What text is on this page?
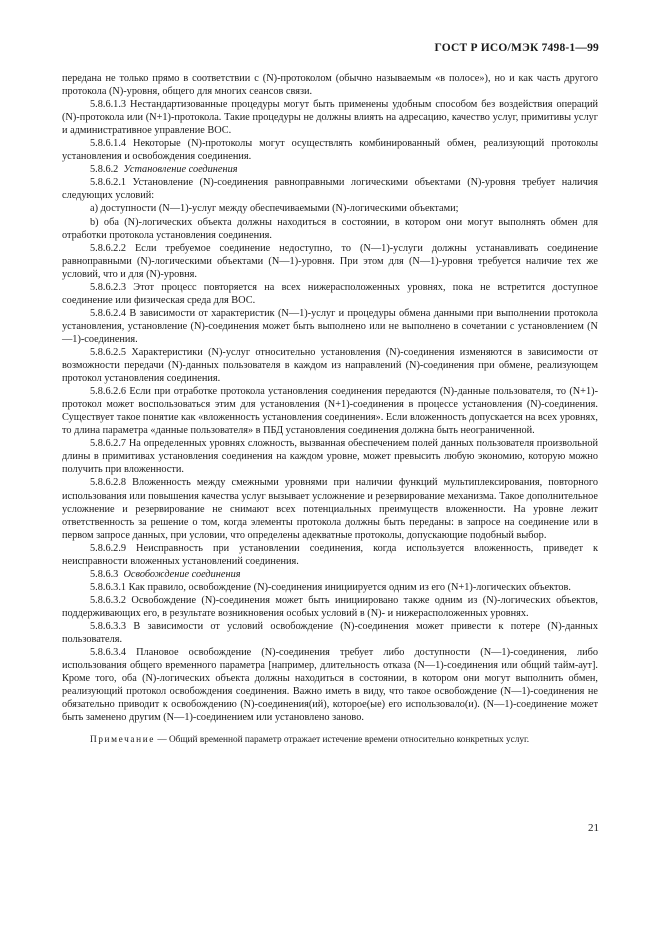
ГОСТ Р ИСО/МЭК 7498-1—99

передана не только прямо в соответствии с (N)-протоколом (обычно называемым «в полосе»), но и как часть другого протокола (N)-уровня, общего для многих сеансов связи.

5.8.6.1.3 Нестандартизованные процедуры могут быть применены удобным способом без воздействия операций (N)-протокола или (N+1)-протокола. Такие процедуры не должны влиять на адресацию, качество услуг, примитивы услуг и административное управление ВОС.

5.8.6.1.4 Некоторые (N)-протоколы могут осуществлять комбинированный обмен, реализующий протоколы установления и освобождения соединения.

5.8.6.2 Установление соединения

5.8.6.2.1 Установление (N)-соединения равноправными логическими объектами (N)-уровня требует наличия следующих условий:

a) доступности (N—1)-услуг между обеспечиваемыми (N)-логическими объектами;

b) оба (N)-логических объекта должны находиться в состоянии, в котором они могут выполнять обмен для отработки протокола установления соединения.

5.8.6.2.2 Если требуемое соединение недоступно, то (N—1)-услуги должны устанавливать соединение равноправными (N)-логическими объектами (N—1)-уровня. При этом для (N—1)-уровня требуется наличие тех же условий, что и для (N)-уровня.

5.8.6.2.3 Этот процесс повторяется на всех нижерасположенных уровнях, пока не встретится доступное соединение или физическая среда для ВОС.

5.8.6.2.4 В зависимости от характеристик (N—1)-услуг и процедуры обмена данными при выполнении протокола установления, установление (N)-соединения может быть выполнено или не выполнено в сочетании с установлением (N—1)-соединения.

5.8.6.2.5 Характеристики (N)-услуг относительно установления (N)-соединения изменяются в зависимости от возможности передачи (N)-данных пользователя в каждом из направлений (N)-соединения при обмене, реализующем протокол установления соединения.

5.8.6.2.6 Если при отработке протокола установления соединения передаются (N)-данные пользователя, то (N+1)-протокол может воспользоваться этим для установления (N+1)-соединения в процессе установления (N)-соединения. Существует такое понятие как «вложенность установления соединения». Если вложенность допускается на всех уровнях, то длина параметра «данные пользователя» в ПБД установления соединения должна быть неограниченной.

5.8.6.2.7 На определенных уровнях сложность, вызванная обеспечением полей данных пользователя произвольной длины в примитивах установления соединения на каждом уровне, может превысить любую экономию, которую можно получить при вложенности.

5.8.6.2.8 Вложенность между смежными уровнями при наличии функций мультиплексирования, повторного использования или повышения качества услуг вызывает усложнение и резервирование механизма. Такое дополнительное усложнение и резервирование не снимают всех потенциальных преимуществ вложенности. На уровне лежит ответственность за решение о том, когда элементы протокола должны быть переданы: в запросе на соединение или в первом запросе данных, при условии, что определены адекватные протоколы, допускающие подобный выбор.

5.8.6.2.9 Неисправность при установлении соединения, когда используется вложенность, приведет к неисправности вложенных установлений соединения.

5.8.6.3 Освобождение соединения

5.8.6.3.1 Как правило, освобождение (N)-соединения инициируется одним из его (N+1)-логических объектов.

5.8.6.3.2 Освобождение (N)-соединения может быть инициировано также одним из (N)-логических объектов, поддерживающих его, в результате возникновения особых условий в (N)- и нижерасположенных уровнях.

5.8.6.3.3 В зависимости от условий освобождение (N)-соединения может привести к потере (N)-данных пользователя.

5.8.6.3.4 Плановое освобождение (N)-соединения требует либо доступности (N—1)-соединения, либо использования общего временного параметра [например, длительность отказа (N—1)-соединения или общий тайм-аут]. Кроме того, оба (N)-логических объекта должны находиться в состоянии, в котором они могут выполнить обмен, реализующий протокол освобождения соединения. Важно иметь в виду, что такое освобождение (N—1)-соединения не обязательно приводит к освобождению (N)-соединения(ий), которое(ые) его использовало(и). (N—1)-соединение может быть заменено другим (N—1)-соединением или установлено заново.

Примечание — Общий временной параметр отражает истечение времени относительно конкретных услуг.

21
